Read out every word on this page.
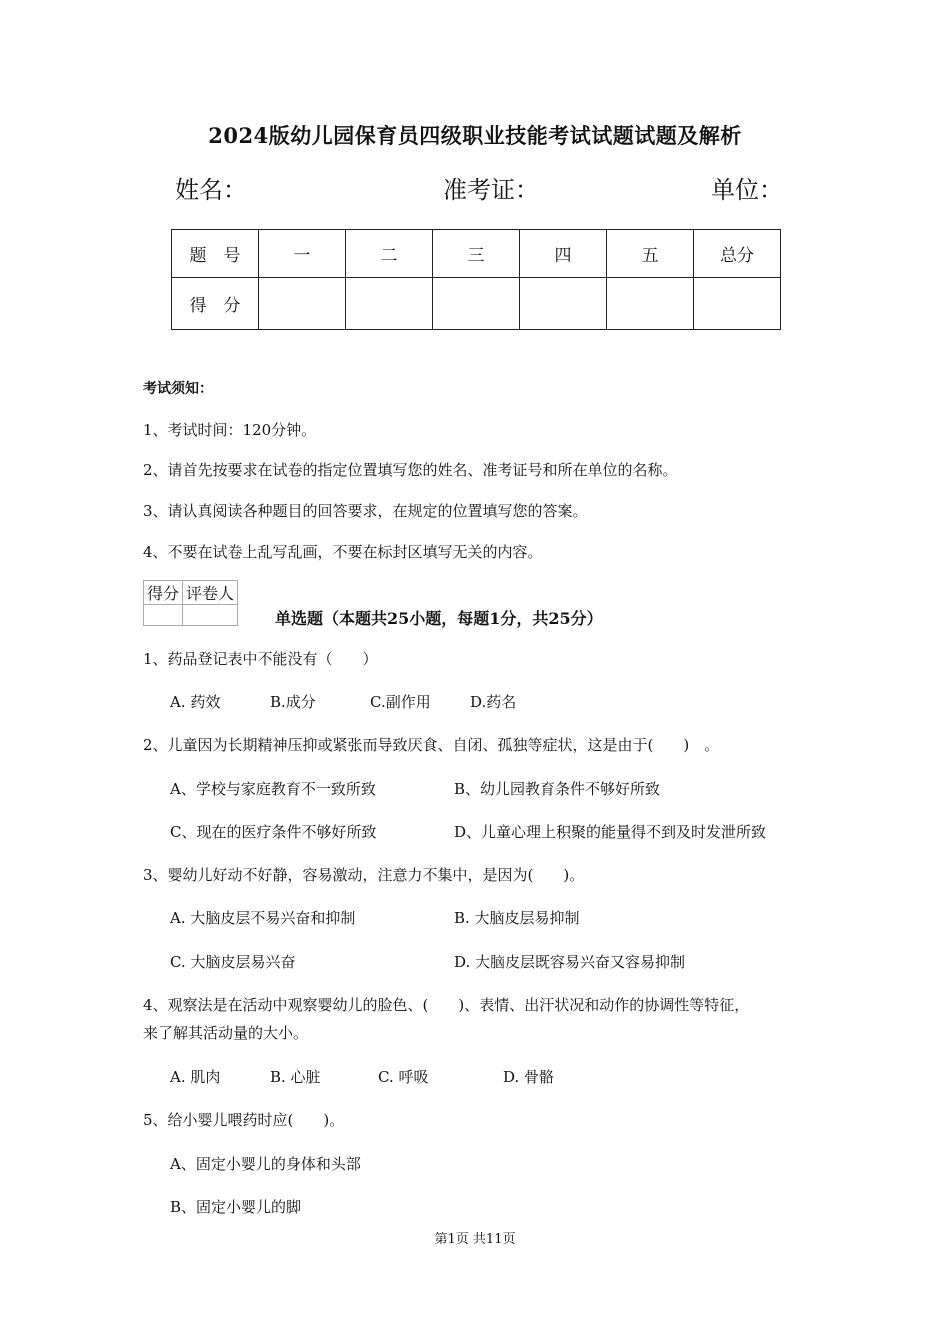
2024版幼儿园保育员四级职业技能考试试题试题及解析
姓名：	准考证：	单位：
题　号	一	二	三	四	五	总分
得　分						
考试须知：
1、考试时间：120分钟。
2、请首先按要求在试卷的指定位置填写您的姓名、准考证号和所在单位的名称。
3、请认真阅读各种题目的回答要求，在规定的位置填写您的答案。
4、不要在试卷上乱写乱画，不要在标封区填写无关的内容。
得分	评卷人

单选题（本题共25小题，每题1分，共25分）
1、药品登记表中不能没有（　　）
A. 药效	B.成分	C.副作用	D.药名
2、儿童因为长期精神压抑或紧张而导致厌食、自闭、孤独等症状，这是由于(　　)　。
A、学校与家庭教育不一致所致	B、幼儿园教育条件不够好所致
C、现在的医疗条件不够好所致	D、儿童心理上积聚的能量得不到及时发泄所致
3、婴幼儿好动不好静，容易激动，注意力不集中，是因为(　　)。
A. 大脑皮层不易兴奋和抑制	B. 大脑皮层易抑制
C. 大脑皮层易兴奋	D. 大脑皮层既容易兴奋又容易抑制
4、观察法是在活动中观察婴幼儿的脸色、(　　)、表情、出汗状况和动作的协调性等特征，
来了解其活动量的大小。
A. 肌肉	B. 心脏	C. 呼吸	D. 骨骼
5、给小婴儿喂药时应(　　)。
A、固定小婴儿的身体和头部
B、固定小婴儿的脚
第1页 共11页
